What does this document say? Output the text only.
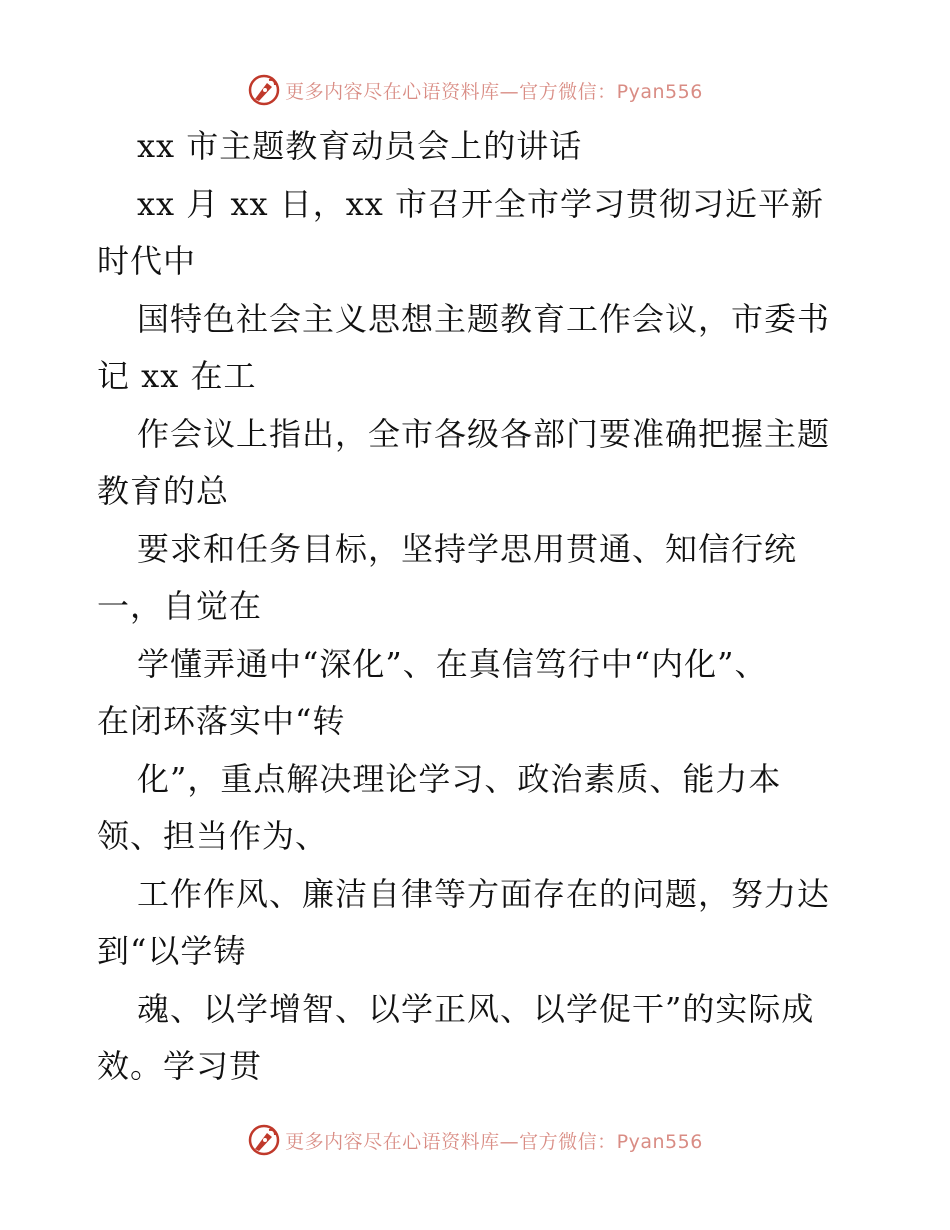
更多内容尽在心语资料库—官方微信：Pyan556
xx 市主题教育动员会上的讲话
xx 月 xx 日，xx 市召开全市学习贯彻习近平新
时代中
国特色社会主义思想主题教育工作会议，市委书
记 xx 在工
作会议上指出，全市各级各部门要准确把握主题
教育的总
要求和任务目标，坚持学思用贯通、知信行统
一，自觉在
学懂弄通中“深化”、在真信笃行中“内化”、
在闭环落实中“转
化”，重点解决理论学习、政治素质、能力本
领、担当作为、
工作作风、廉洁自律等方面存在的问题，努力达
到“以学铸
魂、以学增智、以学正风、以学促干”的实际成
效。学习贯
更多内容尽在心语资料库—官方微信：Pyan556
